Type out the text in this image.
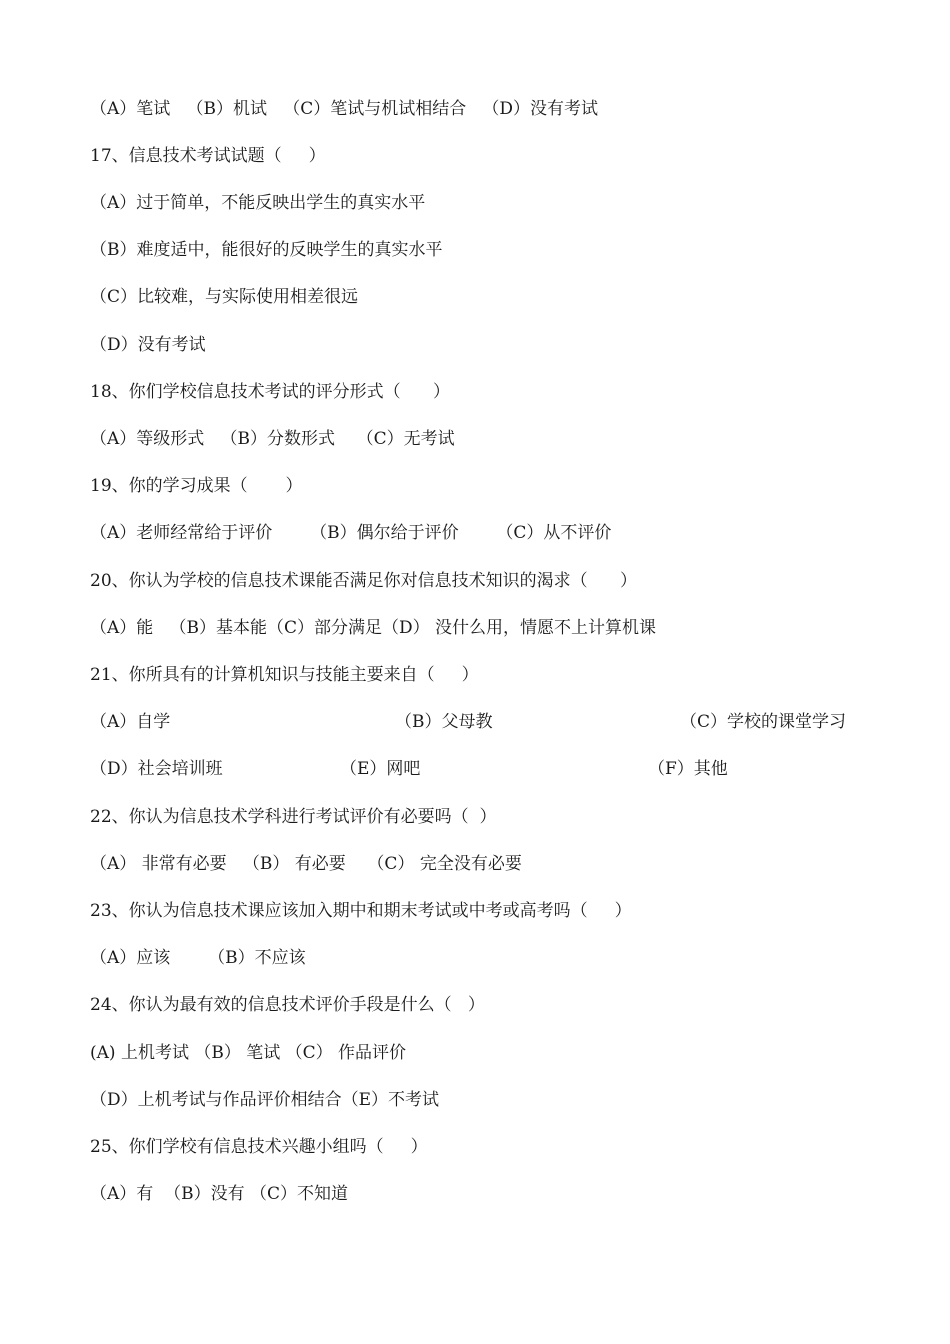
（A）笔试   （B）机试   （C）笔试与机试相结合   （D）没有考试
17、信息技术考试试题（     ）
（A）过于简单，不能反映出学生的真实水平
（B）难度适中，能很好的反映学生的真实水平
（C）比较难，与实际使用相差很远
（D）没有考试
18、你们学校信息技术考试的评分形式（      ）
（A）等级形式   （B）分数形式    （C）无考试
19、你的学习成果（       ）
（A）老师经常给于评价       （B）偶尔给于评价       （C）从不评价
20、你认为学校的信息技术课能否满足你对信息技术知识的渴求（      ）
（A）能   （B）基本能（C）部分满足（D） 没什么用，情愿不上计算机课
21、你所具有的计算机知识与技能主要来自（     ）
（A）自学	（B）父母教	（C）学校的课堂学习
（D）社会培训班	（E）网吧	（F）其他
22、你认为信息技术学科进行考试评价有必要吗（  ）
（A） 非常有必要   （B） 有必要    （C） 完全没有必要
23、你认为信息技术课应该加入期中和期末考试或中考或高考吗（     ）
（A）应该       （B）不应该
24、你认为最有效的信息技术评价手段是什么（   ）
(A) 上机考试 （B） 笔试 （C） 作品评价
（D）上机考试与作品评价相结合（E）不考试
25、你们学校有信息技术兴趣小组吗（     ）
（A）有  （B）没有 （C）不知道
